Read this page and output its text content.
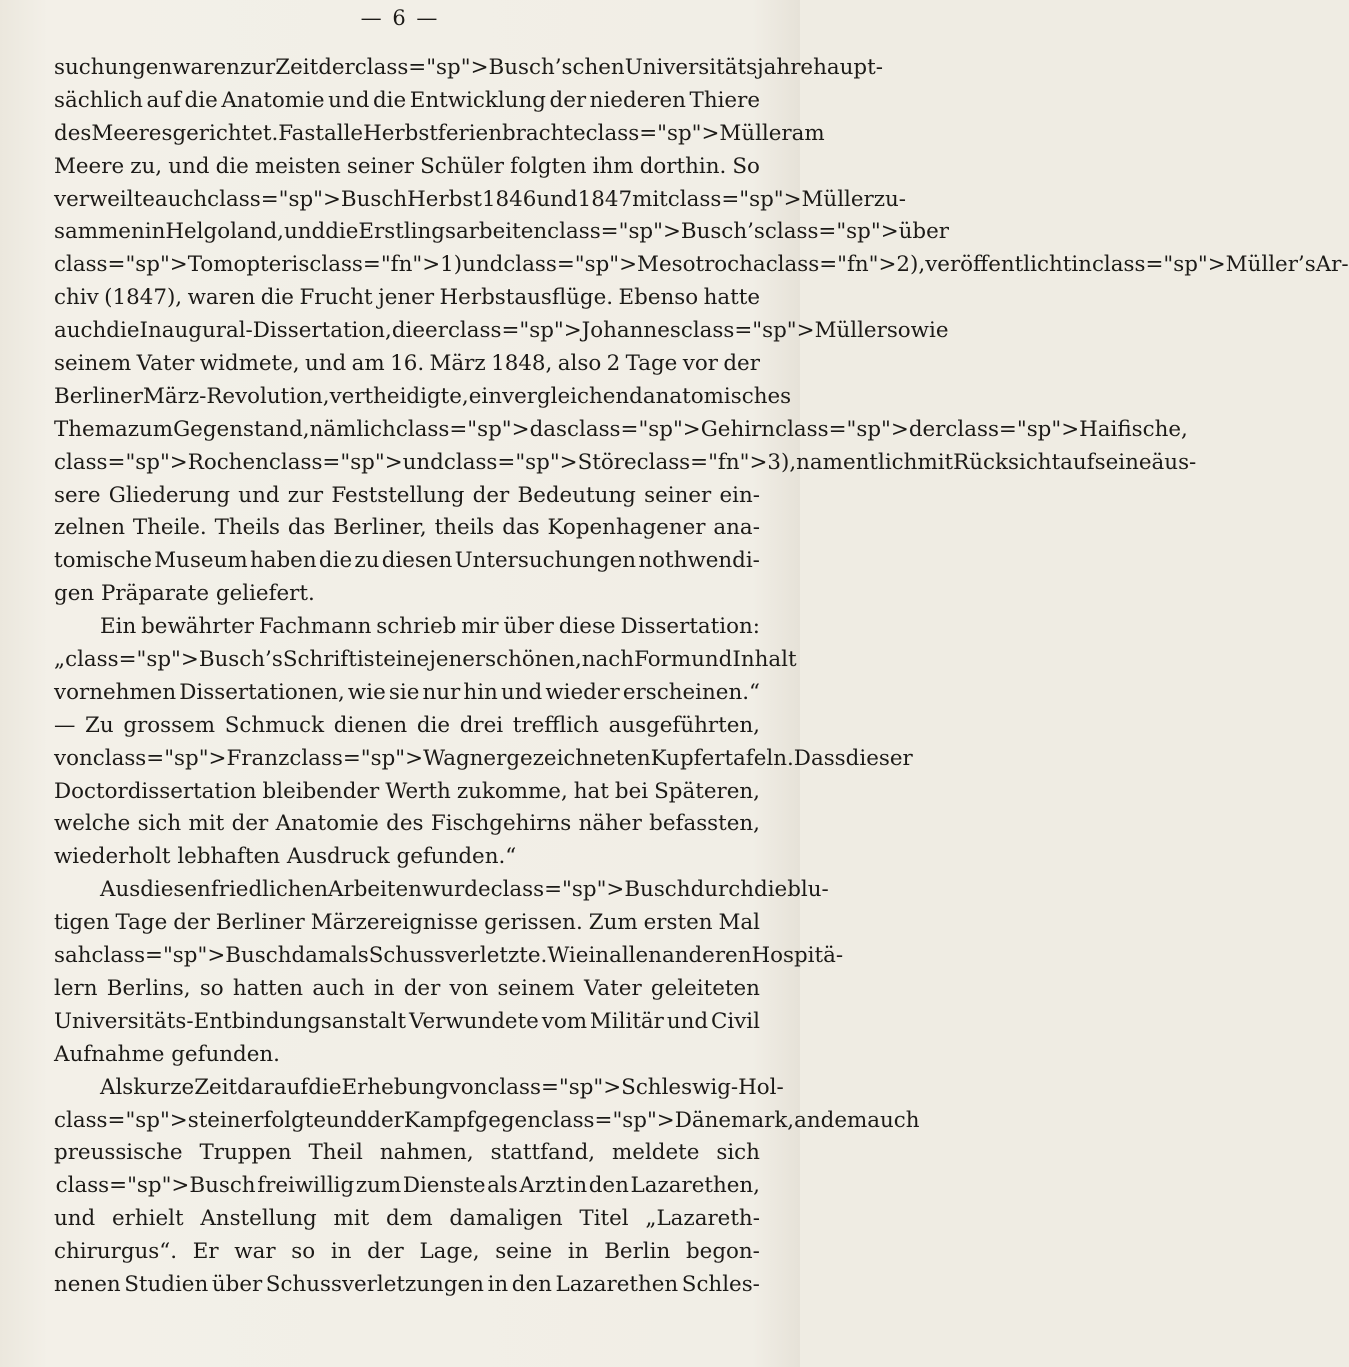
— 6 —
suchungen waren zur Zeit der class="sp">Busch’schen Universitätsjahre haupt-
sächlich auf die Anatomie und die Entwicklung der niederen Thiere
des Meeres gerichtet. Fast alle Herbstferien brachte class="sp">Müller am
Meere zu, und die meisten seiner Schüler folgten ihm dorthin. So
verweilte auch class="sp">Busch Herbst 1846 und 1847 mit class="sp">Müller zu-
sammen in Helgoland, und die Erstlingsarbeiten class="sp">Busch’s class="sp">über
class="sp">Tomopteris class="fn">1) und class="sp">Mesotrocha class="fn">2), veröffentlicht in class="sp">Müller’s Ar-
chiv (1847), waren die Frucht jener Herbstausflüge. Ebenso hatte
auch die Inaugural-Dissertation, die er class="sp">Johannes class="sp">Müller sowie
seinem Vater widmete, und am 16. März 1848, also 2 Tage vor der
Berliner März-Revolution, vertheidigte, ein vergleichend anatomisches
Thema zum Gegenstand, nämlich class="sp">das class="sp">Gehirn class="sp">der class="sp">Haifische,
class="sp">Rochen class="sp">und class="sp">Störe class="fn">3), namentlich mit Rücksicht auf seine äus-
sere Gliederung und zur Feststellung der Bedeutung seiner ein-
zelnen Theile. Theils das Berliner, theils das Kopenhagener ana-
tomische Museum haben die zu diesen Untersuchungen nothwendi-
gen Präparate geliefert.
Ein bewährter Fachmann schrieb mir über diese Dissertation:
„ class="sp">Busch’s Schrift ist eine jener schönen, nach Form und Inhalt
vornehmen Dissertationen, wie sie nur hin und wieder erscheinen.“
— Zu grossem Schmuck dienen die drei trefflich ausgeführten,
von class="sp">Franz class="sp">Wagner gezeichneten Kupfertafeln. Dass dieser
Doctordissertation bleibender Werth zukomme, hat bei Späteren,
welche sich mit der Anatomie des Fischgehirns näher befassten,
wiederholt lebhaften Ausdruck gefunden.“
Aus diesen friedlichen Arbeiten wurde class="sp">Busch durch die blu-
tigen Tage der Berliner Märzereignisse gerissen. Zum ersten Mal
sah class="sp">Busch damals Schussverletzte. Wie in allen anderen Hospitä-
lern Berlins, so hatten auch in der von seinem Vater geleiteten
Universitäts-Entbindungsanstalt Verwundete vom Militär und Civil
Aufnahme gefunden.
Als kurze Zeit darauf die Erhebung von class="sp">Schleswig-Hol-
class="sp">stein erfolgte und der Kampf gegen class="sp">Dänemark, an dem auch
preussische Truppen Theil nahmen, stattfand, meldete sich
class="sp">Busch freiwillig zum Dienste als Arzt in den Lazarethen,
und erhielt Anstellung mit dem damaligen Titel „Lazareth-
chirurgus“. Er war so in der Lage, seine in Berlin begon-
nenen Studien über Schussverletzungen in den Lazarethen Schles-
